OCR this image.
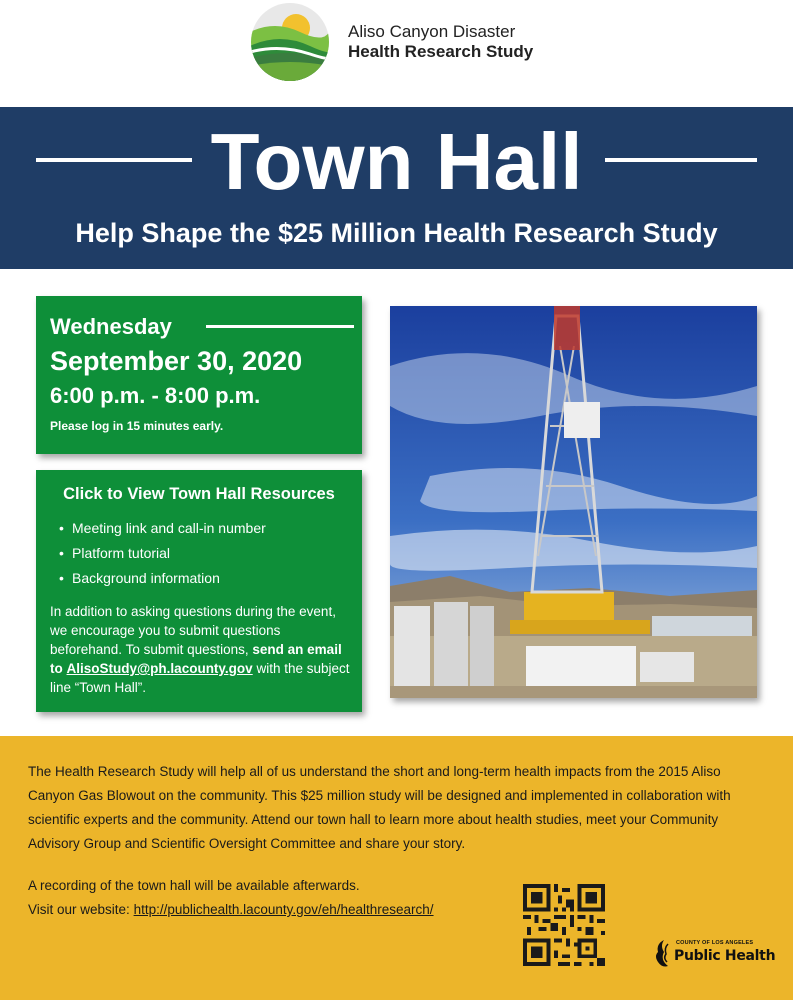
Aliso Canyon Disaster
Health Research Study
Town Hall
Help Shape the $25 Million Health Research Study
Wednesday
September 30, 2020
6:00 p.m. - 8:00 p.m.
Please log in 15 minutes early.
Click to View Town Hall Resources
• Meeting link and call-in number
• Platform tutorial
• Background information

In addition to asking questions during the event, we encourage you to submit questions beforehand. To submit questions, send an email to AlisoStudy@ph.lacounty.gov with the subject line “Town Hall”.

The Health Research Study will help all of us understand the short and long-term health impacts from the 2015 Aliso Canyon Gas Blowout on the community. This $25 million study will be designed and implemented in collaboration with scientific experts and the community. Attend our town hall to learn more about health studies, meet your Community Advisory Group and Scientific Oversight Committee and share your story.

A recording of the town hall will be available afterwards.
Visit our website: http://publichealth.lacounty.gov/eh/healthresearch/

COUNTY OF LOS ANGELES
Public Health
